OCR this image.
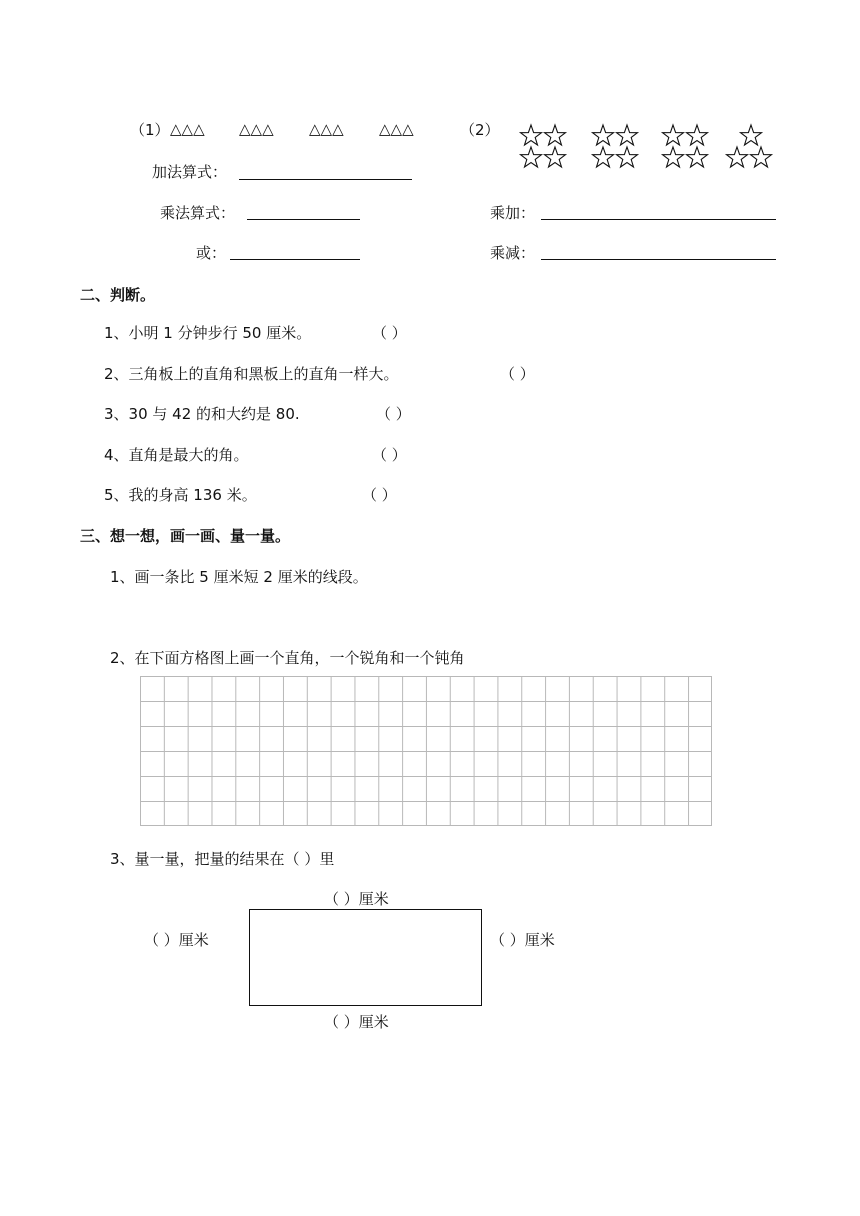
（1） △△△ △△△ △△△ △△△	（2）
加法算式：
乘法算式：	乘加：
或：	乘减：
二、判断。
1、小明 1 分钟步行 50 厘米。	（ ）
2、三角板上的直角和黑板上的直角一样大。	（ ）
3、30 与 42 的和大约是 80.	（ ）
4、直角是最大的角。	（ ）
5、我的身高 136 米。	（ ）
三、想一想，画一画、量一量。
1、画一条比 5 厘米短 2 厘米的线段。
2、在下面方格图上画一个直角，一个锐角和一个钝角
3、量一量，把量的结果在（ ）里
（ ）厘米
（ ）厘米	（ ）厘米
（ ）厘米
